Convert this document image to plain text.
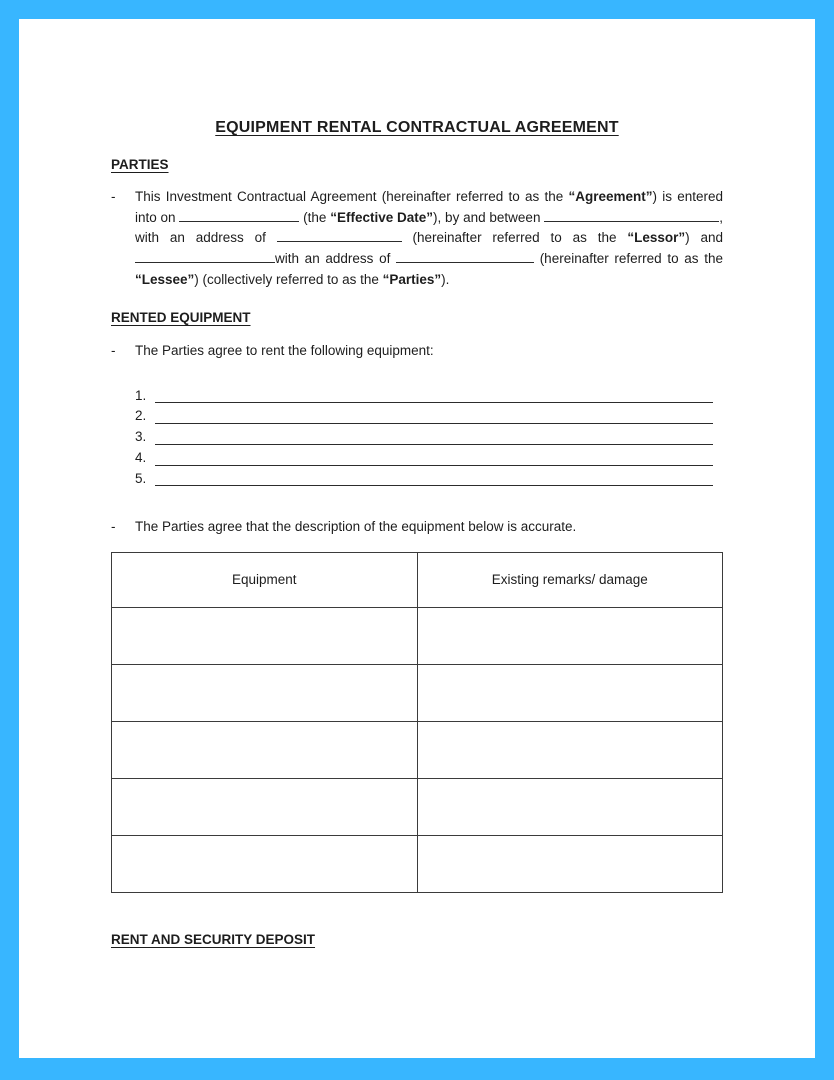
EQUIPMENT RENTAL CONTRACTUAL AGREEMENT
PARTIES
-	This Investment Contractual Agreement (hereinafter referred to as the “Agreement”) is entered into on	(the “Effective Date”), by and between	, with an address of	(hereinafter referred to as the “Lessor”) and with an address of	(hereinafter referred to as the “Lessee”) (collectively referred to as the “Parties”).
RENTED EQUIPMENT
-	The Parties agree to rent the following equipment:
1.
2.
3.
4.
5.
-	The Parties agree that the description of the equipment below is accurate.
Equipment	Existing remarks/ damage

RENT AND SECURITY DEPOSIT
